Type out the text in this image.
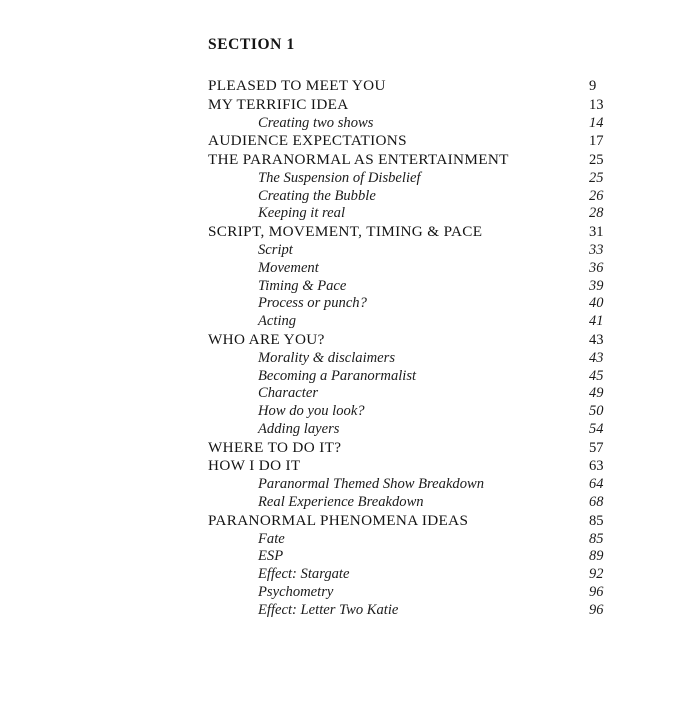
SECTION 1
PLEASED TO MEET YOU	9
MY TERRIFIC IDEA	13
Creating two shows	14
AUDIENCE EXPECTATIONS	17
THE PARANORMAL AS ENTERTAINMENT	25
The Suspension of Disbelief	25
Creating the Bubble	26
Keeping it real	28
SCRIPT, MOVEMENT, TIMING & PACE	31
Script	33
Movement	36
Timing & Pace	39
Process or punch?	40
Acting	41
WHO ARE YOU?	43
Morality & disclaimers	43
Becoming a Paranormalist	45
Character	49
How do you look?	50
Adding layers	54
WHERE TO DO IT?	57
HOW I DO IT	63
Paranormal Themed Show Breakdown	64
Real Experience Breakdown	68
PARANORMAL PHENOMENA IDEAS	85
Fate	85
ESP	89
Effect: Stargate	92
Psychometry	96
Effect: Letter Two Katie	96
